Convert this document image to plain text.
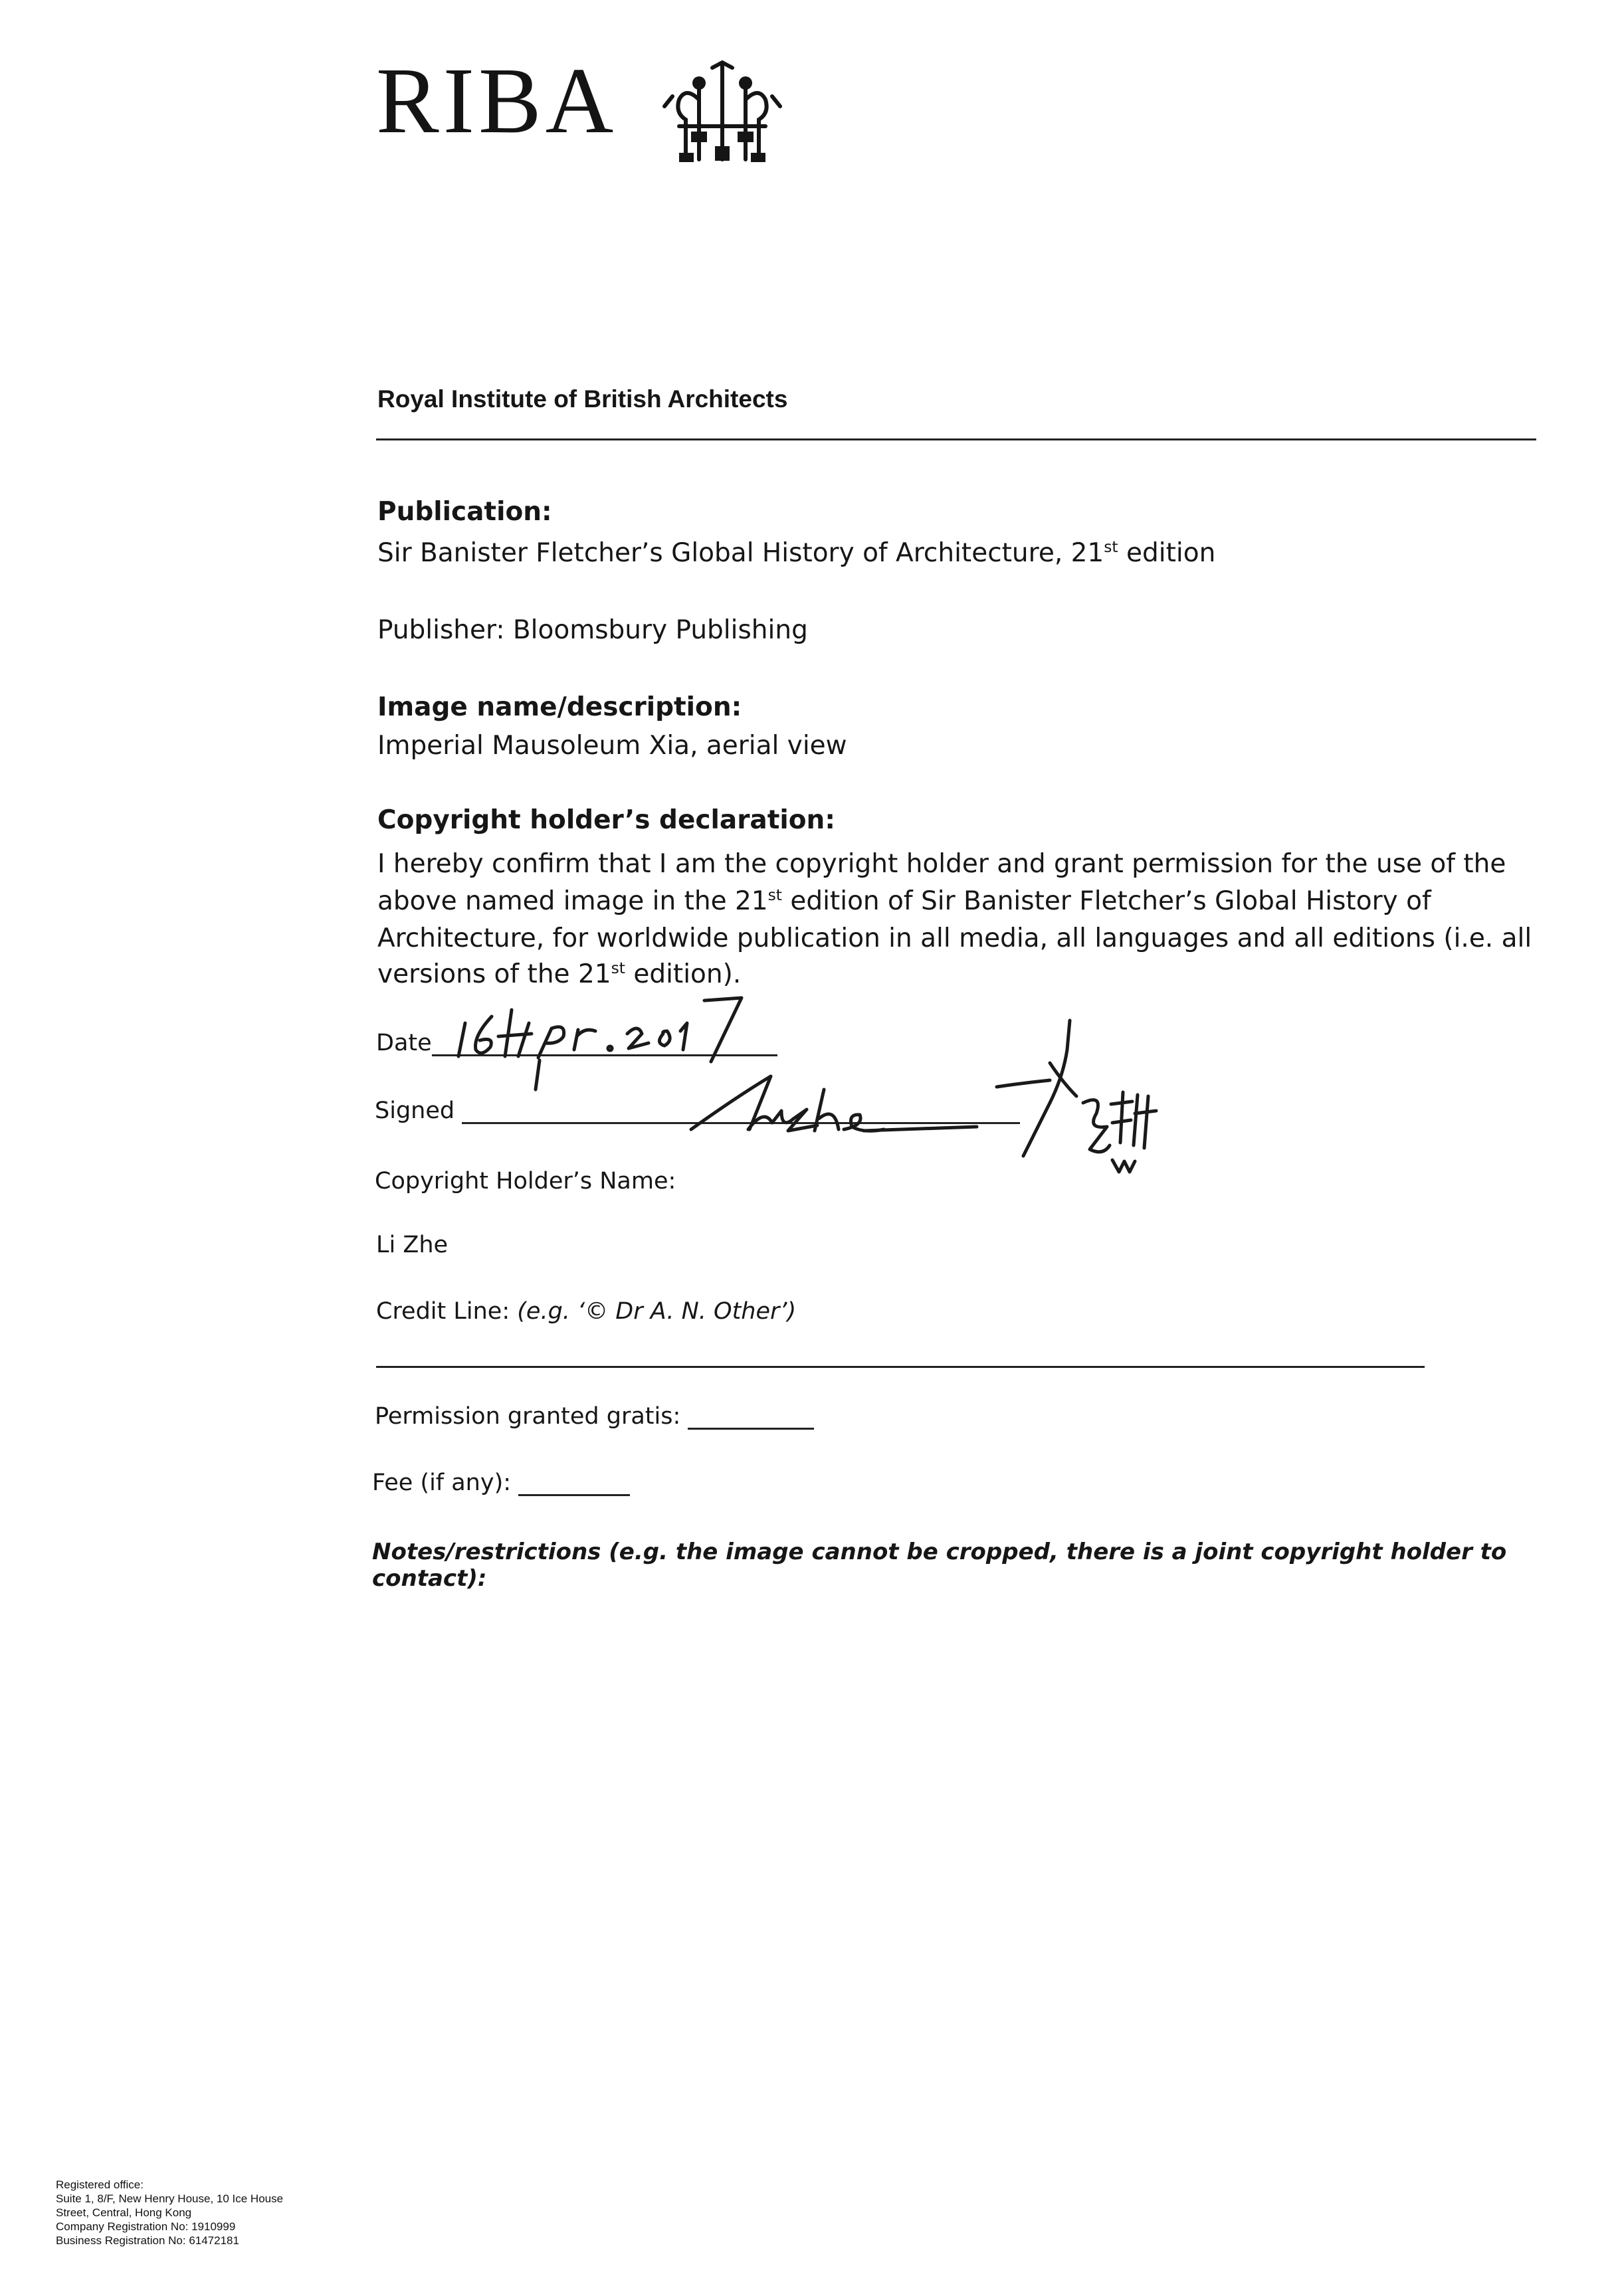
RIBA
Royal Institute of British Architects
Publication:
Sir Banister Fletcher’s Global History of Architecture, 21st edition
Publisher: Bloomsbury Publishing
Image name/description:
Imperial Mausoleum Xia, aerial view
Copyright holder’s declaration:
I hereby confirm that I am the copyright holder and grant permission for the use of the
above named image in the 21st edition of Sir Banister Fletcher’s Global History of
Architecture, for worldwide publication in all media, all languages and all editions (i.e. all
versions of the 21st edition).
Date
Signed
Copyright Holder’s Name:
Li Zhe
Credit Line: (e.g. ‘© Dr A. N. Other’)
Permission granted gratis:
Fee (if any):
Notes/restrictions (e.g. the image cannot be cropped, there is a joint copyright holder to contact):
Registered office:
Suite 1, 8/F, New Henry House, 10 Ice House
Street, Central, Hong Kong
Company Registration No: 1910999
Business Registration No: 61472181
